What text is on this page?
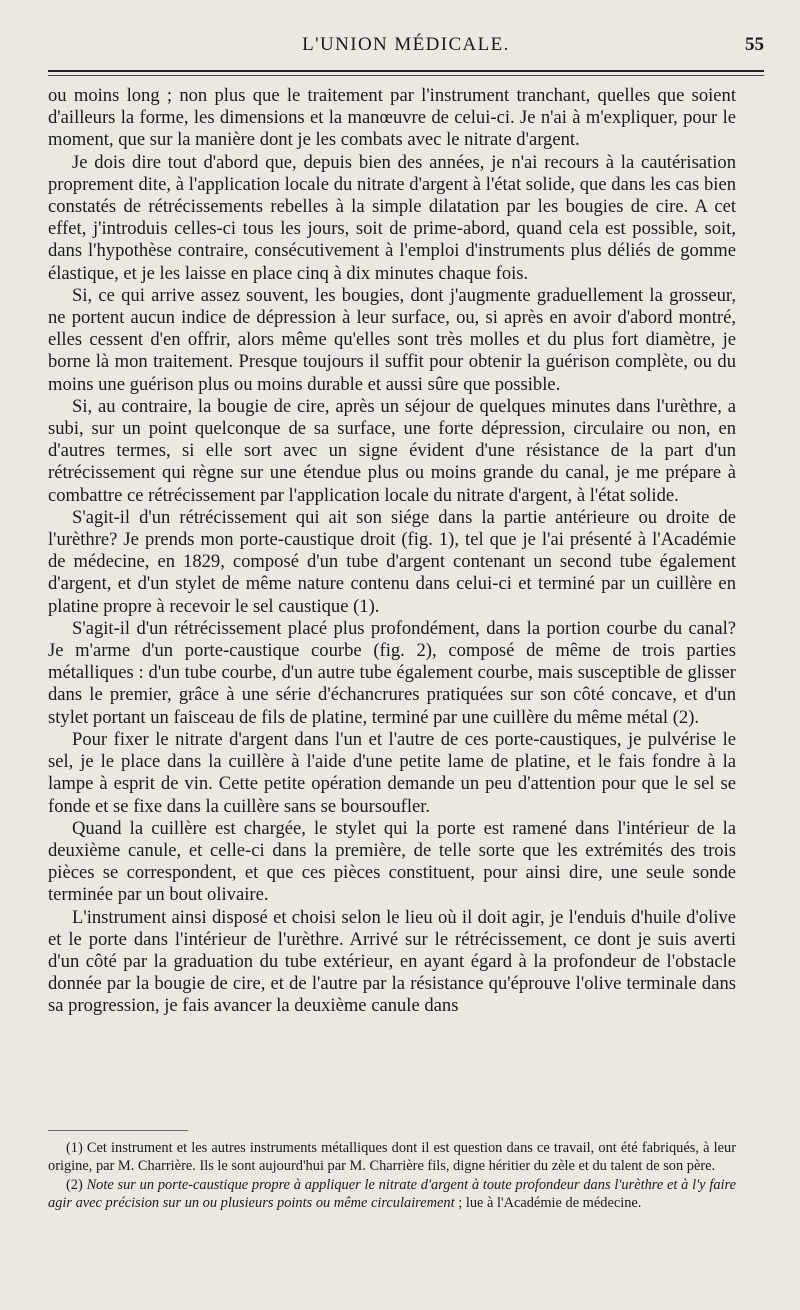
L'UNION MÉDICALE.	55

ou moins long ; non plus que le traitement par l'instrument tranchant, quelles que soient d'ailleurs la forme, les dimensions et la manœuvre de celui-ci. Je n'ai à m'expliquer, pour le moment, que sur la manière dont je les combats avec le nitrate d'argent.

Je dois dire tout d'abord que, depuis bien des années, je n'ai recours à la cautérisation proprement dite, à l'application locale du nitrate d'argent à l'état solide, que dans les cas bien constatés de rétrécissements rebelles à la simple dilatation par les bougies de cire. A cet effet, j'introduis celles-ci tous les jours, soit de prime-abord, quand cela est possible, soit, dans l'hypothèse contraire, consécutivement à l'emploi d'instruments plus déliés de gomme élastique, et je les laisse en place cinq à dix minutes chaque fois.

Si, ce qui arrive assez souvent, les bougies, dont j'augmente graduellement la grosseur, ne portent aucun indice de dépression à leur surface, ou, si après en avoir d'abord montré, elles cessent d'en offrir, alors même qu'elles sont très molles et du plus fort diamètre, je borne là mon traitement. Presque toujours il suffit pour obtenir la guérison complète, ou du moins une guérison plus ou moins durable et aussi sûre que possible.

Si, au contraire, la bougie de cire, après un séjour de quelques minutes dans l'urèthre, a subi, sur un point quelconque de sa surface, une forte dépression, circulaire ou non, en d'autres termes, si elle sort avec un signe évident d'une résistance de la part d'un rétrécissement qui règne sur une étendue plus ou moins grande du canal, je me prépare à combattre ce rétrécissement par l'application locale du nitrate d'argent, à l'état solide.

S'agit-il d'un rétrécissement qui ait son siége dans la partie antérieure ou droite de l'urèthre? Je prends mon porte-caustique droit (fig. 1), tel que je l'ai présenté à l'Académie de médecine, en 1829, composé d'un tube d'argent contenant un second tube également d'argent, et d'un stylet de même nature contenu dans celui-ci et terminé par un cuillère en platine propre à recevoir le sel caustique (1).

S'agit-il d'un rétrécissement placé plus profondément, dans la portion courbe du canal? Je m'arme d'un porte-caustique courbe (fig. 2), composé de même de trois parties métalliques : d'un tube courbe, d'un autre tube également courbe, mais susceptible de glisser dans le premier, grâce à une série d'échancrures pratiquées sur son côté concave, et d'un stylet portant un faisceau de fils de platine, terminé par une cuillère du même métal (2).

Pour fixer le nitrate d'argent dans l'un et l'autre de ces porte-caustiques, je pulvérise le sel, je le place dans la cuillère à l'aide d'une petite lame de platine, et le fais fondre à la lampe à esprit de vin. Cette petite opération demande un peu d'attention pour que le sel se fonde et se fixe dans la cuillère sans se boursoufler.

Quand la cuillère est chargée, le stylet qui la porte est ramené dans l'intérieur de la deuxième canule, et celle-ci dans la première, de telle sorte que les extrémités des trois pièces se correspondent, et que ces pièces constituent, pour ainsi dire, une seule sonde terminée par un bout olivaire.

L'instrument ainsi disposé et choisi selon le lieu où il doit agir, je l'enduis d'huile d'olive et le porte dans l'intérieur de l'urèthre. Arrivé sur le rétrécissement, ce dont je suis averti d'un côté par la graduation du tube extérieur, en ayant égard à la profondeur de l'obstacle donnée par la bougie de cire, et de l'autre par la résistance qu'éprouve l'olive terminale dans sa progression, je fais avancer la deuxième canule dans

(1) Cet instrument et les autres instruments métalliques dont il est question dans ce travail, ont été fabriqués, à leur origine, par M. Charrière. Ils le sont aujourd'hui par M. Charrière fils, digne héritier du zèle et du talent de son père.

(2) Note sur un porte-caustique propre à appliquer le nitrate d'argent à toute profondeur dans l'urèthre et à l'y faire agir avec précision sur un ou plusieurs points ou même circulairement ; lue à l'Académie de médecine.
